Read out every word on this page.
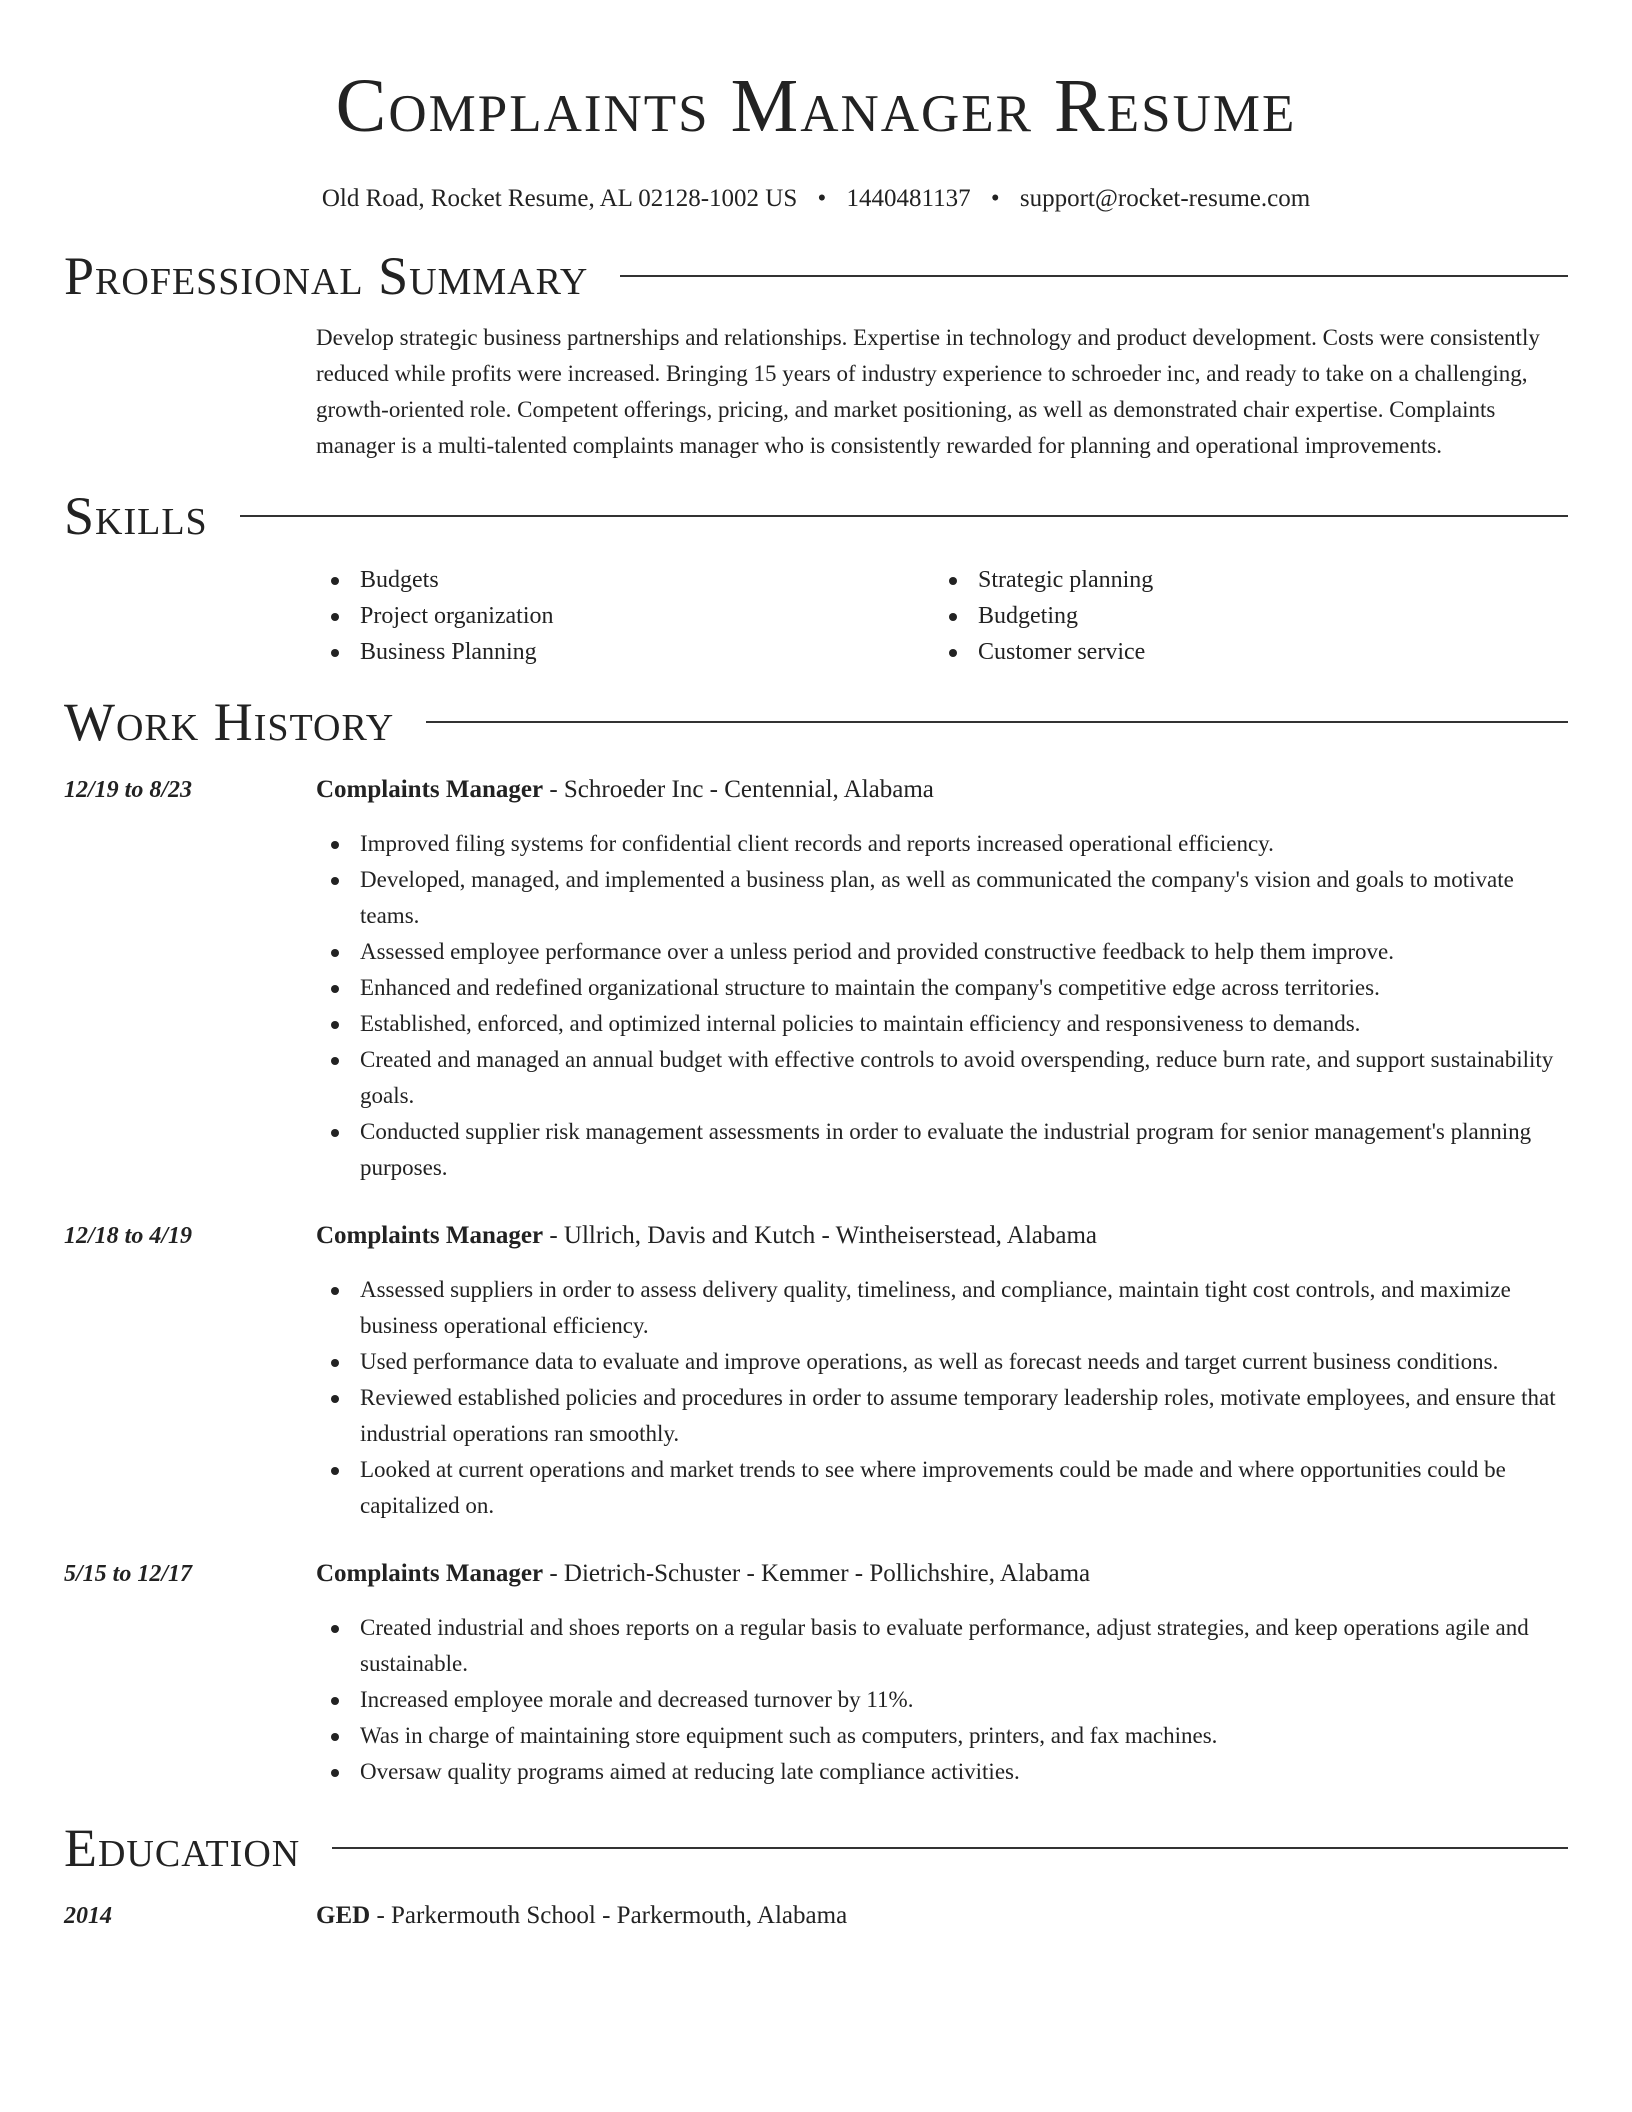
Complaints Manager Resume
Old Road, Rocket Resume, AL 02128-1002 US • 1440481137 • support@rocket-resume.com
Professional Summary
Develop strategic business partnerships and relationships. Expertise in technology and product development. Costs were consistently reduced while profits were increased. Bringing 15 years of industry experience to schroeder inc, and ready to take on a challenging, growth-oriented role. Competent offerings, pricing, and market positioning, as well as demonstrated chair expertise. Complaints manager is a multi-talented complaints manager who is consistently rewarded for planning and operational improvements.
Skills
Budgets
Project organization
Business Planning
Strategic planning
Budgeting
Customer service
Work History
12/19 to 8/23	Complaints Manager - Schroeder Inc - Centennial, Alabama
Improved filing systems for confidential client records and reports increased operational efficiency.
Developed, managed, and implemented a business plan, as well as communicated the company's vision and goals to motivate teams.
Assessed employee performance over a unless period and provided constructive feedback to help them improve.
Enhanced and redefined organizational structure to maintain the company's competitive edge across territories.
Established, enforced, and optimized internal policies to maintain efficiency and responsiveness to demands.
Created and managed an annual budget with effective controls to avoid overspending, reduce burn rate, and support sustainability goals.
Conducted supplier risk management assessments in order to evaluate the industrial program for senior management's planning purposes.
12/18 to 4/19	Complaints Manager - Ullrich, Davis and Kutch - Wintheiserstead, Alabama
Assessed suppliers in order to assess delivery quality, timeliness, and compliance, maintain tight cost controls, and maximize business operational efficiency.
Used performance data to evaluate and improve operations, as well as forecast needs and target current business conditions.
Reviewed established policies and procedures in order to assume temporary leadership roles, motivate employees, and ensure that industrial operations ran smoothly.
Looked at current operations and market trends to see where improvements could be made and where opportunities could be capitalized on.
5/15 to 12/17	Complaints Manager - Dietrich-Schuster - Kemmer - Pollichshire, Alabama
Created industrial and shoes reports on a regular basis to evaluate performance, adjust strategies, and keep operations agile and sustainable.
Increased employee morale and decreased turnover by 11%.
Was in charge of maintaining store equipment such as computers, printers, and fax machines.
Oversaw quality programs aimed at reducing late compliance activities.
Education
2014	GED - Parkermouth School - Parkermouth, Alabama
